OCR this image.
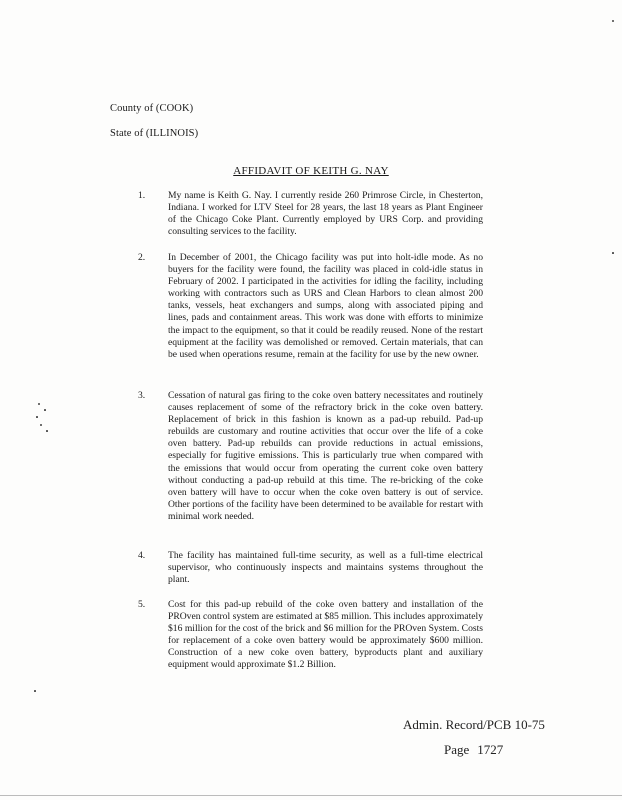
County of (COOK)
State of (ILLINOIS)
AFFIDAVIT OF KEITH G. NAY
1.	My name is Keith G. Nay. I currently reside 260 Primrose Circle, in Chesterton, Indiana. I worked for LTV Steel for 28 years, the last 18 years as Plant Engineer of the Chicago Coke Plant. Currently employed by URS Corp. and providing consulting services to the facility.
2.	In December of 2001, the Chicago facility was put into holt-idle mode. As no buyers for the facility were found, the facility was placed in cold-idle status in February of 2002. I participated in the activities for idling the facility, including working with contractors such as URS and Clean Harbors to clean almost 200 tanks, vessels, heat exchangers and sumps, along with associated piping and lines, pads and containment areas. This work was done with efforts to minimize the impact to the equipment, so that it could be readily reused. None of the restart equipment at the facility was demolished or removed. Certain materials, that can be used when operations resume, remain at the facility for use by the new owner.
3.	Cessation of natural gas firing to the coke oven battery necessitates and routinely causes replacement of some of the refractory brick in the coke oven battery. Replacement of brick in this fashion is known as a pad-up rebuild. Pad-up rebuilds are customary and routine activities that occur over the life of a coke oven battery. Pad-up rebuilds can provide reductions in actual emissions, especially for fugitive emissions. This is particularly true when compared with the emissions that would occur from operating the current coke oven battery without conducting a pad-up rebuild at this time. The re-bricking of the coke oven battery will have to occur when the coke oven battery is out of service. Other portions of the facility have been determined to be available for restart with minimal work needed.
4.	The facility has maintained full-time security, as well as a full-time electrical supervisor, who continuously inspects and maintains systems throughout the plant.
5.	Cost for this pad-up rebuild of the coke oven battery and installation of the PROven control system are estimated at $85 million. This includes approximately $16 million for the cost of the brick and $6 million for the PROven System. Costs for replacement of a coke oven battery would be approximately $600 million. Construction of a new coke oven battery, byproducts plant and auxiliary equipment would approximate $1.2 Billion.
Admin. Record/PCB 10-75
Page 1727
